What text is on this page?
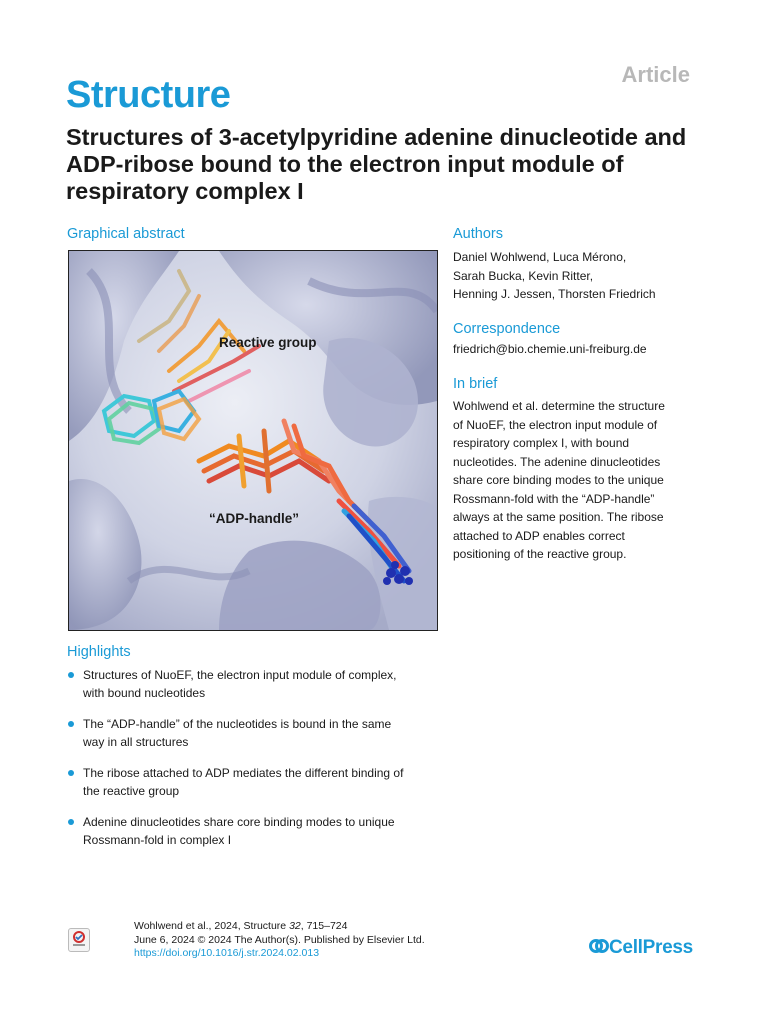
Structure	Article
Structures of 3-acetylpyridine adenine dinucleotide and ADP-ribose bound to the electron input module of respiratory complex I
Graphical abstract
Reactive group
“ADP-handle”
Highlights
Structures of NuoEF, the electron input module of complex,
with bound nucleotides
The “ADP-handle” of the nucleotides is bound in the same
way in all structures
The ribose attached to ADP mediates the different binding of
the reactive group
Adenine dinucleotides share core binding modes to unique
Rossmann-fold in complex I
Authors
Daniel Wohlwend, Luca Mérono,
Sarah Bucka, Kevin Ritter,
Henning J. Jessen, Thorsten Friedrich
Correspondence
friedrich@bio.chemie.uni-freiburg.de
In brief
Wohlwend et al. determine the structure
of NuoEF, the electron input module of
respiratory complex I, with bound
nucleotides. The adenine dinucleotides
share core binding modes to the unique
Rossmann-fold with the “ADP-handle”
always at the same position. The ribose
attached to ADP enables correct
positioning of the reactive group.
Wohlwend et al., 2024, Structure 32, 715–724
June 6, 2024 © 2024 The Author(s). Published by Elsevier Ltd.
https://doi.org/10.1016/j.str.2024.02.013	CellPress
